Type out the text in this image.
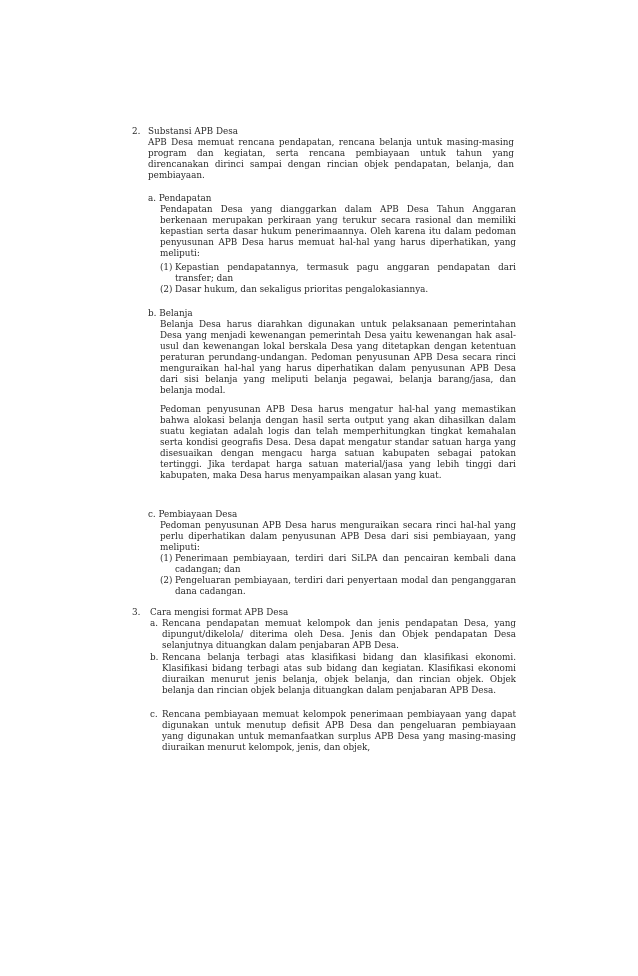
2. Substansi APB Desa

APB Desa memuat rencana pendapatan, rencana belanja untuk masing-masing program dan kegiatan, serta rencana pembiayaan untuk tahun yang direncanakan dirinci sampai dengan rincian objek pendapatan, belanja, dan pembiayaan.

a. Pendapatan

Pendapatan Desa yang dianggarkan dalam APB Desa Tahun Anggaran berkenaan merupakan perkiraan yang terukur secara rasional dan memiliki kepastian serta dasar hukum penerimaannya. Oleh karena itu dalam pedoman penyusunan APB Desa harus memuat hal-hal yang harus diperhatikan, yang meliputi:

(1) Kepastian pendapatannya, termasuk pagu anggaran pendapatan dari transfer; dan

(2) Dasar hukum, dan sekaligus prioritas pengalokasiannya.

b. Belanja

Belanja Desa harus diarahkan digunakan untuk pelaksanaan pemerintahan Desa yang menjadi kewenangan pemerintah Desa yaitu kewenangan hak asal-usul dan kewenangan lokal berskala Desa yang ditetapkan dengan ketentuan peraturan perundang-undangan. Pedoman penyusunan APB Desa secara rinci menguraikan hal-hal yang harus diperhatikan dalam penyusunan APB Desa dari sisi belanja yang meliputi belanja pegawai, belanja barang/jasa, dan belanja modal.

Pedoman penyusunan APB Desa harus mengatur hal-hal yang memastikan bahwa alokasi belanja dengan hasil serta output yang akan dihasilkan dalam suatu kegiatan adalah logis dan telah memperhitungkan tingkat kemahalan serta kondisi geografis Desa. Desa dapat mengatur standar satuan harga yang disesuaikan dengan mengacu harga satuan kabupaten sebagai patokan tertinggi. Jika terdapat harga satuan material/jasa yang lebih tinggi dari kabupaten, maka Desa harus menyampaikan alasan yang kuat.

c. Pembiayaan Desa

Pedoman penyusunan APB Desa harus menguraikan secara rinci hal-hal yang perlu diperhatikan dalam penyusunan APB Desa dari sisi pembiayaan, yang meliputi:

(1) Penerimaan pembiayaan, terdiri dari SiLPA dan pencairan kembali dana cadangan; dan

(2) Pengeluaran pembiayaan, terdiri dari penyertaan modal dan penganggaran dana cadangan.

3. Cara mengisi format APB Desa
a. Rencana pendapatan memuat kelompok dan jenis pendapatan Desa, yang dipungut/dikelola/ diterima oleh Desa. Jenis dan Objek pendapatan Desa selanjutnya dituangkan dalam penjabaran APB Desa.

b. Rencana belanja terbagi atas klasifikasi bidang dan klasifikasi ekonomi. Klasifikasi bidang terbagi atas sub bidang dan kegiatan. Klasifikasi ekonomi diuraikan menurut jenis belanja, objek belanja, dan rincian objek. Objek belanja dan rincian objek belanja dituangkan dalam penjabaran APB Desa.

c. Rencana pembiayaan memuat kelompok penerimaan pembiayaan yang dapat digunakan untuk menutup defisit APB Desa dan pengeluaran pembiayaan yang digunakan untuk memanfaatkan surplus APB Desa yang masing-masing diuraikan menurut kelompok, jenis, dan objek,
